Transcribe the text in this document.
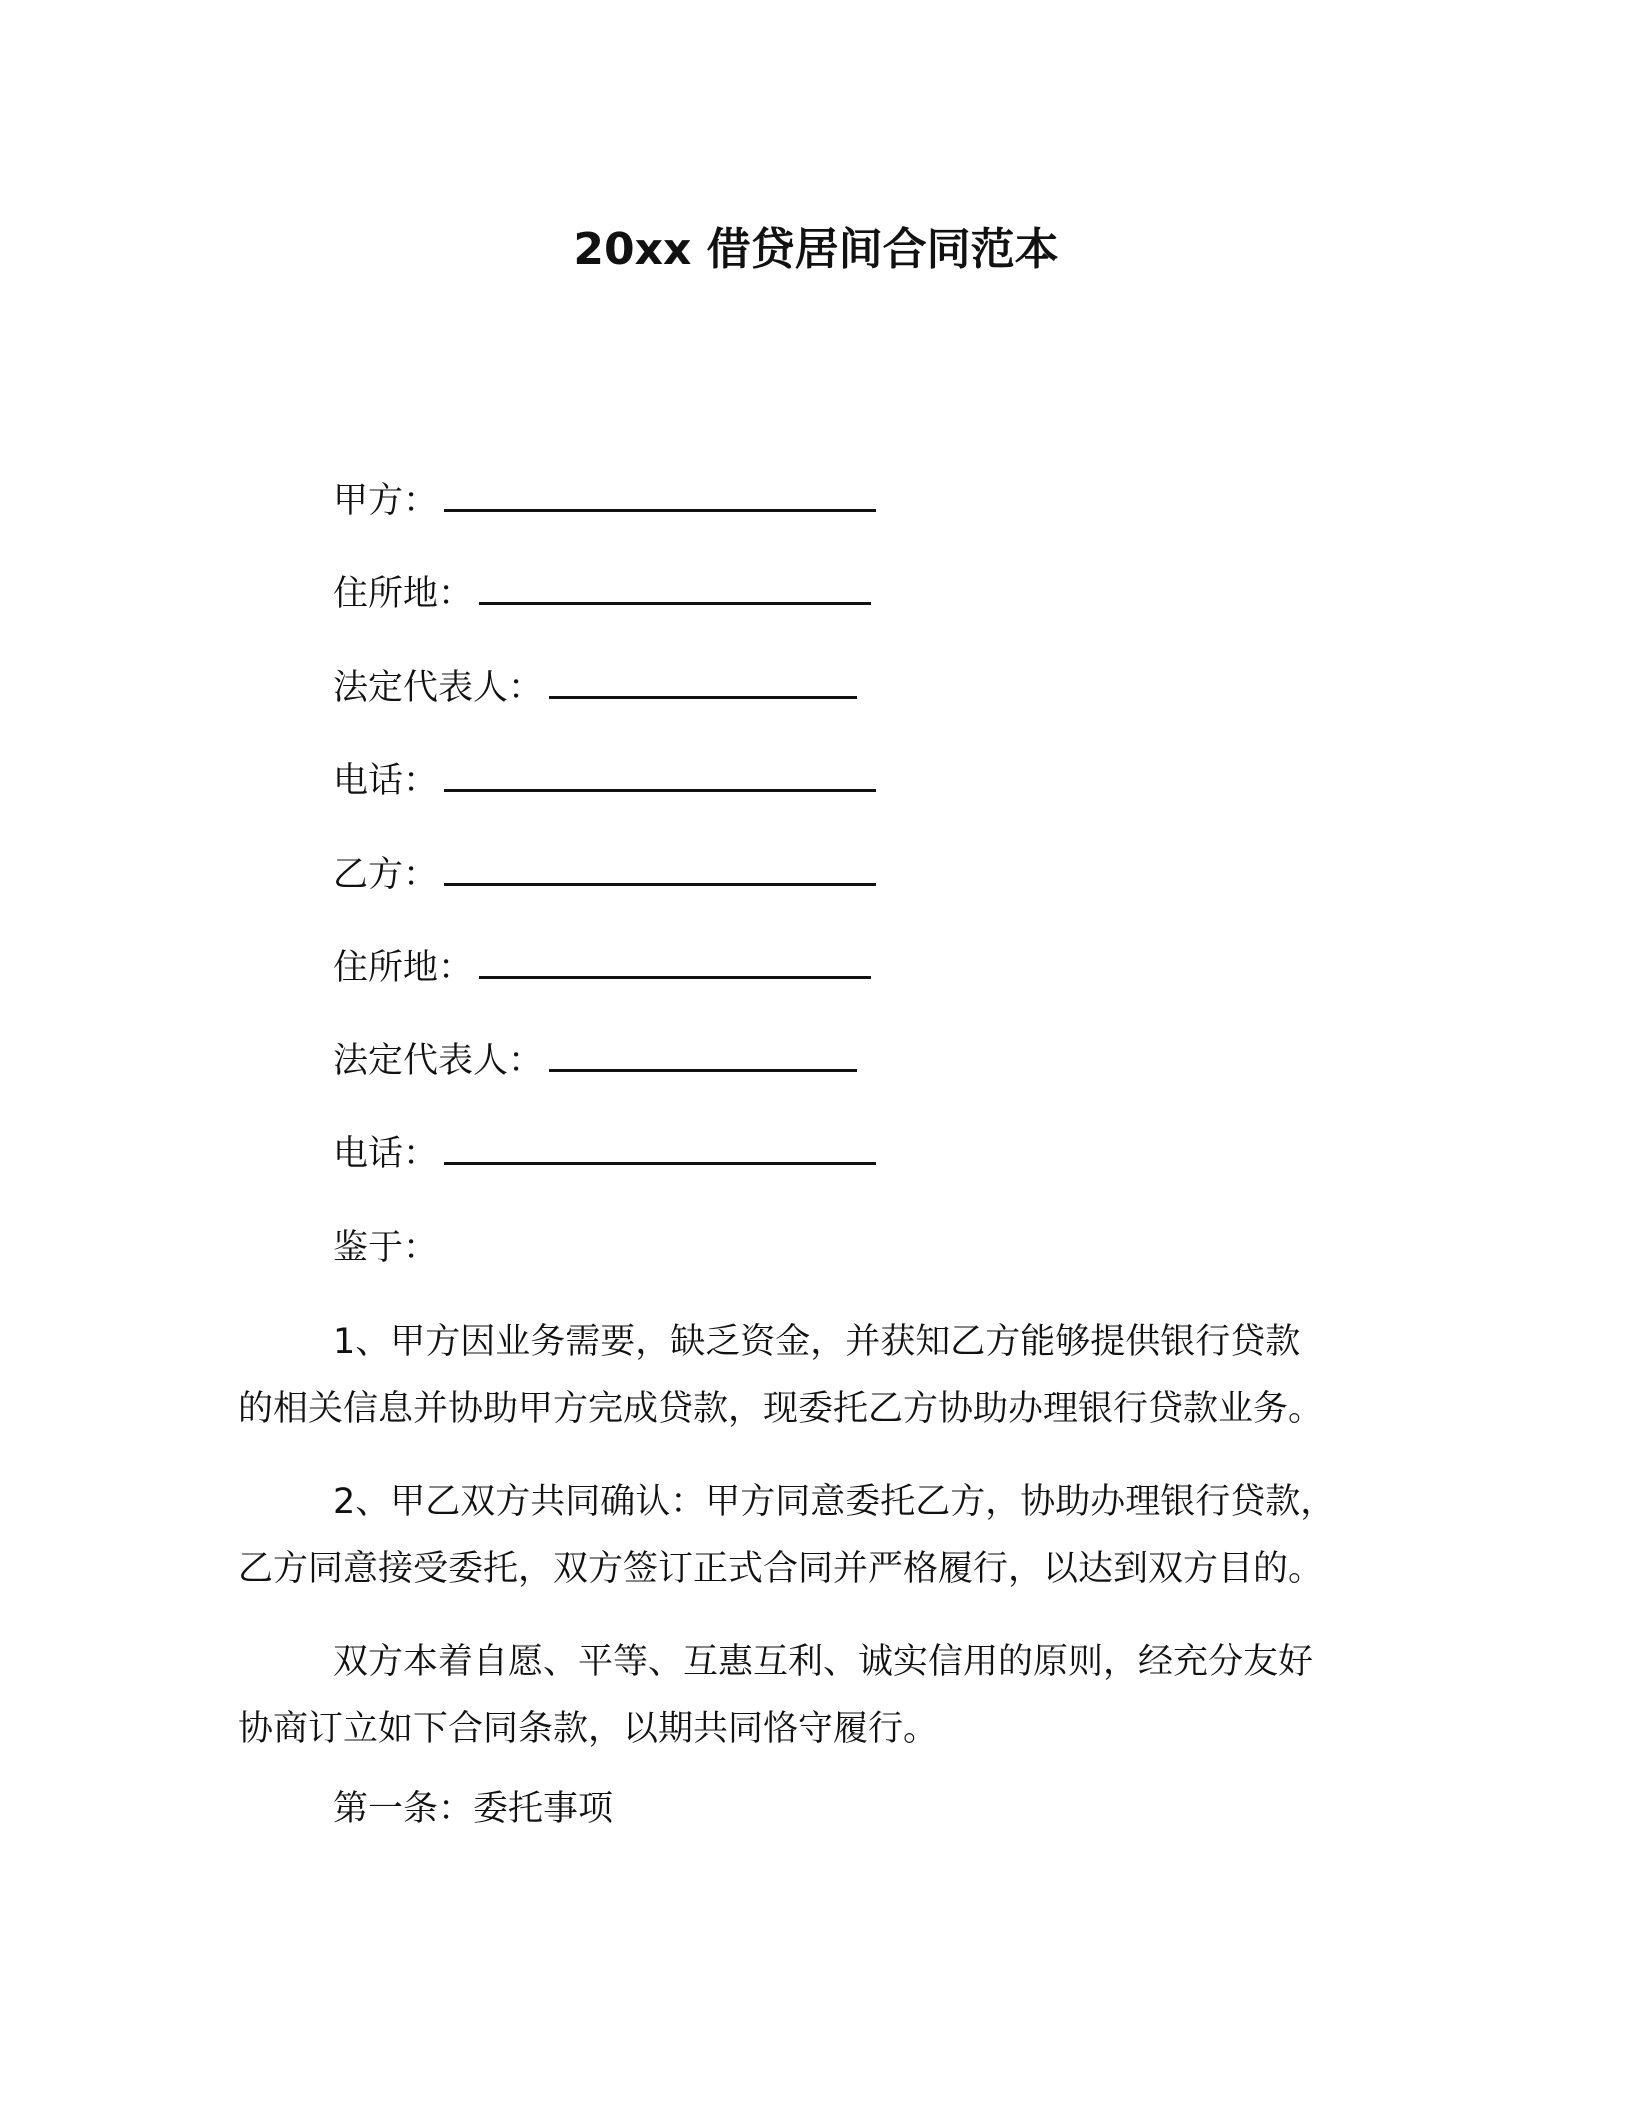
20xx 借贷居间合同范本
甲方：
住所地：
法定代表人：
电话：
乙方：
住所地：
法定代表人：
电话：
鉴于：
1、甲方因业务需要，缺乏资金，并获知乙方能够提供银行贷款
的相关信息并协助甲方完成贷款，现委托乙方协助办理银行贷款业务。
2、甲乙双方共同确认：甲方同意委托乙方，协助办理银行贷款，
乙方同意接受委托，双方签订正式合同并严格履行，以达到双方目的。
双方本着自愿、平等、互惠互利、诚实信用的原则，经充分友好
协商订立如下合同条款，以期共同恪守履行。
第一条：委托事项
